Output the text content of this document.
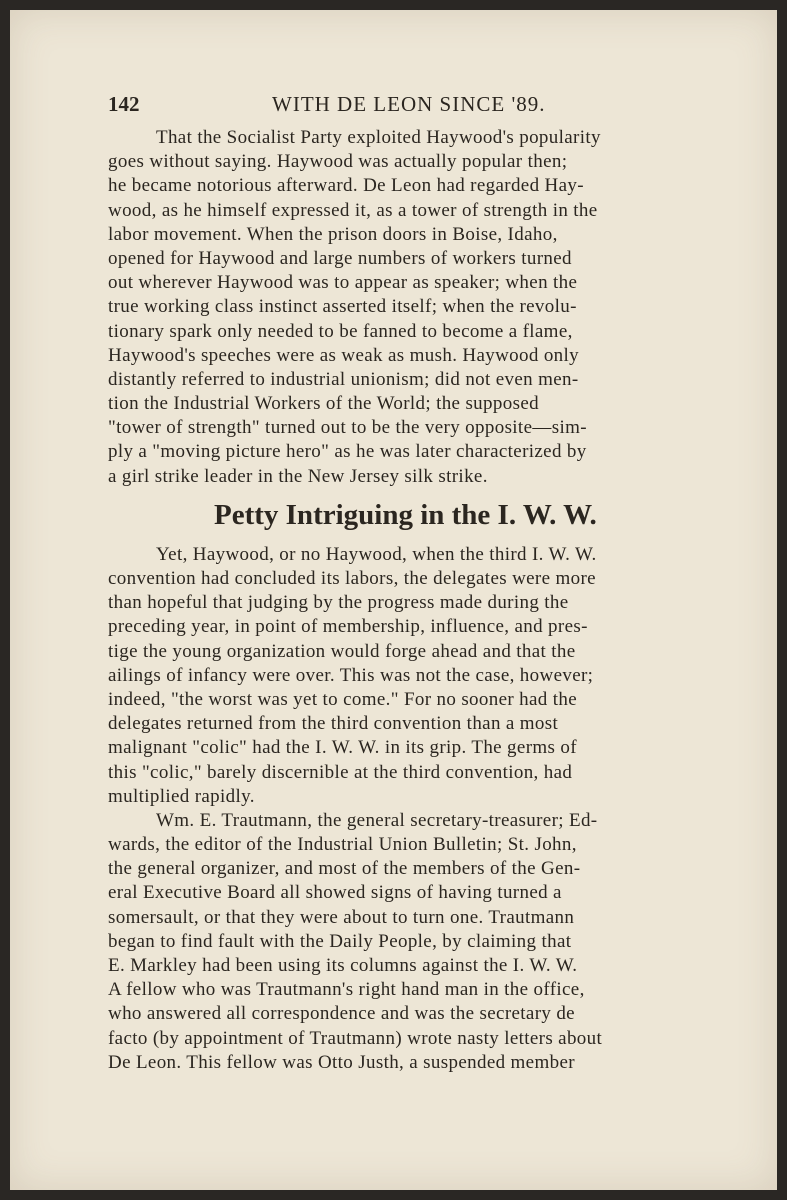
142	WITH DE LEON SINCE '89.
That the Socialist Party exploited Haywood's popularity
goes without saying. Haywood was actually popular then;
he became notorious afterward. De Leon had regarded Hay-
wood, as he himself expressed it, as a tower of strength in the
labor movement. When the prison doors in Boise, Idaho,
opened for Haywood and large numbers of workers turned
out wherever Haywood was to appear as speaker; when the
true working class instinct asserted itself; when the revolu-
tionary spark only needed to be fanned to become a flame,
Haywood's speeches were as weak as mush. Haywood only
distantly referred to industrial unionism; did not even men-
tion the Industrial Workers of the World; the supposed
"tower of strength" turned out to be the very opposite—sim-
ply a "moving picture hero" as he was later characterized by
a girl strike leader in the New Jersey silk strike.
Petty Intriguing in the I. W. W.
Yet, Haywood, or no Haywood, when the third I. W. W.
convention had concluded its labors, the delegates were more
than hopeful that judging by the progress made during the
preceding year, in point of membership, influence, and pres-
tige the young organization would forge ahead and that the
ailings of infancy were over. This was not the case, however;
indeed, "the worst was yet to come." For no sooner had the
delegates returned from the third convention than a most
malignant "colic" had the I. W. W. in its grip. The germs of
this "colic," barely discernible at the third convention, had
multiplied rapidly.
Wm. E. Trautmann, the general secretary-treasurer; Ed-
wards, the editor of the Industrial Union Bulletin; St. John,
the general organizer, and most of the members of the Gen-
eral Executive Board all showed signs of having turned a
somersault, or that they were about to turn one. Trautmann
began to find fault with the Daily People, by claiming that
E. Markley had been using its columns against the I. W. W.
A fellow who was Trautmann's right hand man in the office,
who answered all correspondence and was the secretary de
facto (by appointment of Trautmann) wrote nasty letters about
De Leon. This fellow was Otto Justh, a suspended member
